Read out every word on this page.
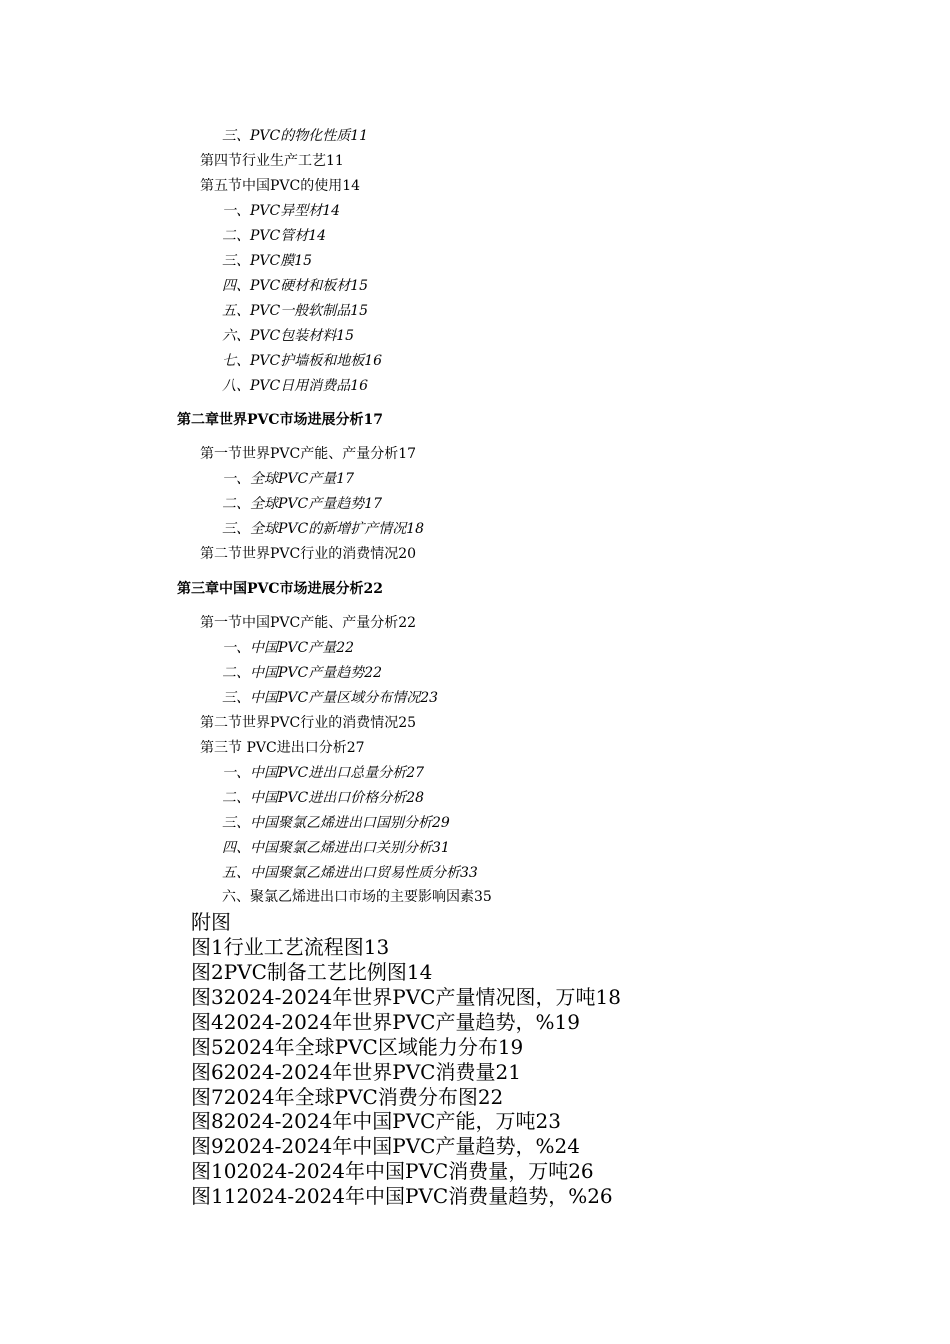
三、PVC的物化性质11
第四节行业生产工艺11
第五节中国PVC的使用14
一、PVC异型材14
二、PVC管材14
三、PVC膜15
四、PVC硬材和板材15
五、PVC一般软制品15
六、PVC包装材料15
七、PVC护墙板和地板16
八、PVC日用消费品16
第二章世界PVC市场进展分析17
第一节世界PVC产能、产量分析17
一、全球PVC产量17
二、全球PVC产量趋势17
三、全球PVC的新增扩产情况18
第二节世界PVC行业的消费情况20
第三章中国PVC市场进展分析22
第一节中国PVC产能、产量分析22
一、中国PVC产量22
二、中国PVC产量趋势22
三、中国PVC产量区域分布情况23
第二节世界PVC行业的消费情况25
第三节 PVC进出口分析27
一、中国PVC进出口总量分析27
二、中国PVC进出口价格分析28
三、中国聚氯乙烯进出口国别分析29
四、中国聚氯乙烯进出口关别分析31
五、中国聚氯乙烯进出口贸易性质分析33
六、聚氯乙烯进出口市场的主要影响因素35
附图
图1行业工艺流程图13
图2PVC制备工艺比例图14
图32024-2024年世界PVC产量情况图，万吨18
图42024-2024年世界PVC产量趋势，%19
图52024年全球PVC区域能力分布19
图62024-2024年世界PVC消费量21
图72024年全球PVC消费分布图22
图82024-2024年中国PVC产能，万吨23
图92024-2024年中国PVC产量趋势，%24
图102024-2024年中国PVC消费量，万吨26
图112024-2024年中国PVC消费量趋势，%26
